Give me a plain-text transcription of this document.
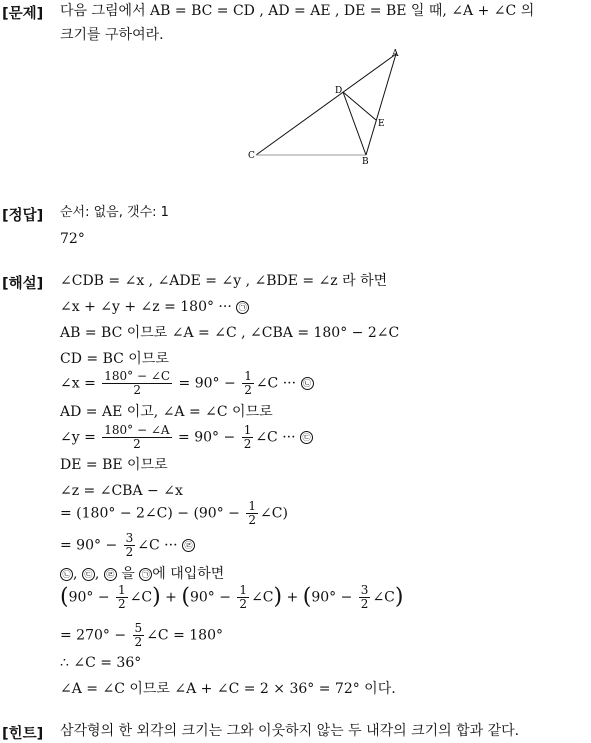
[문제] 다음 그림에서 AB = BC = CD , AD = AE , DE = BE 일 때, ∠A + ∠C 의
크기를 구하여라.
A
B
C
D
E
[정답] 순서: 없음, 갯수: 1
72°
[해설] ∠CDB = ∠x , ∠ADE = ∠y , ∠BDE = ∠z 라 하면
∠x + ∠y + ∠z = 180° ··· ㉠
AB = BC 이므로 ∠A = ∠C , ∠CBA = 180° − 2∠C
CD = BC 이므로
∠x = $\frac{180^\circ - \angle C}{2} = 90^\circ - \frac{1}{2}$ ∠C ··· ㉡
AD = AE 이고, ∠A = ∠C 이므로
∠y = $\frac{180^\circ - \angle A}{2} = 90^\circ - \frac{1}{2}$ ∠C ··· ㉢
DE = BE 이므로
∠z = ∠CBA − ∠x
= (180° − 2∠C) − ($90^\circ - \frac{1}{2}$ ∠C)
= $90^\circ - \frac{3}{2}$ ∠C ··· ㉣
㉡ , ㉢ , ㉣ 을 ㉠ 에 대입하면
($90^\circ - \frac{1}{2}$ ∠C) + ($90^\circ - \frac{1}{2}$ ∠C) + ($90^\circ - \frac{3}{2}$ ∠C)
= $270^\circ - \frac{5}{2}$ ∠C = 180°
∴ ∠C = 36°
∠A = ∠C 이므로 ∠A + ∠C = 2 × 36° = 72° 이다.
[힌트] 삼각형의 한 외각의 크기는 그와 이웃하지 않는 두 내각의 크기의 합과 같다.
